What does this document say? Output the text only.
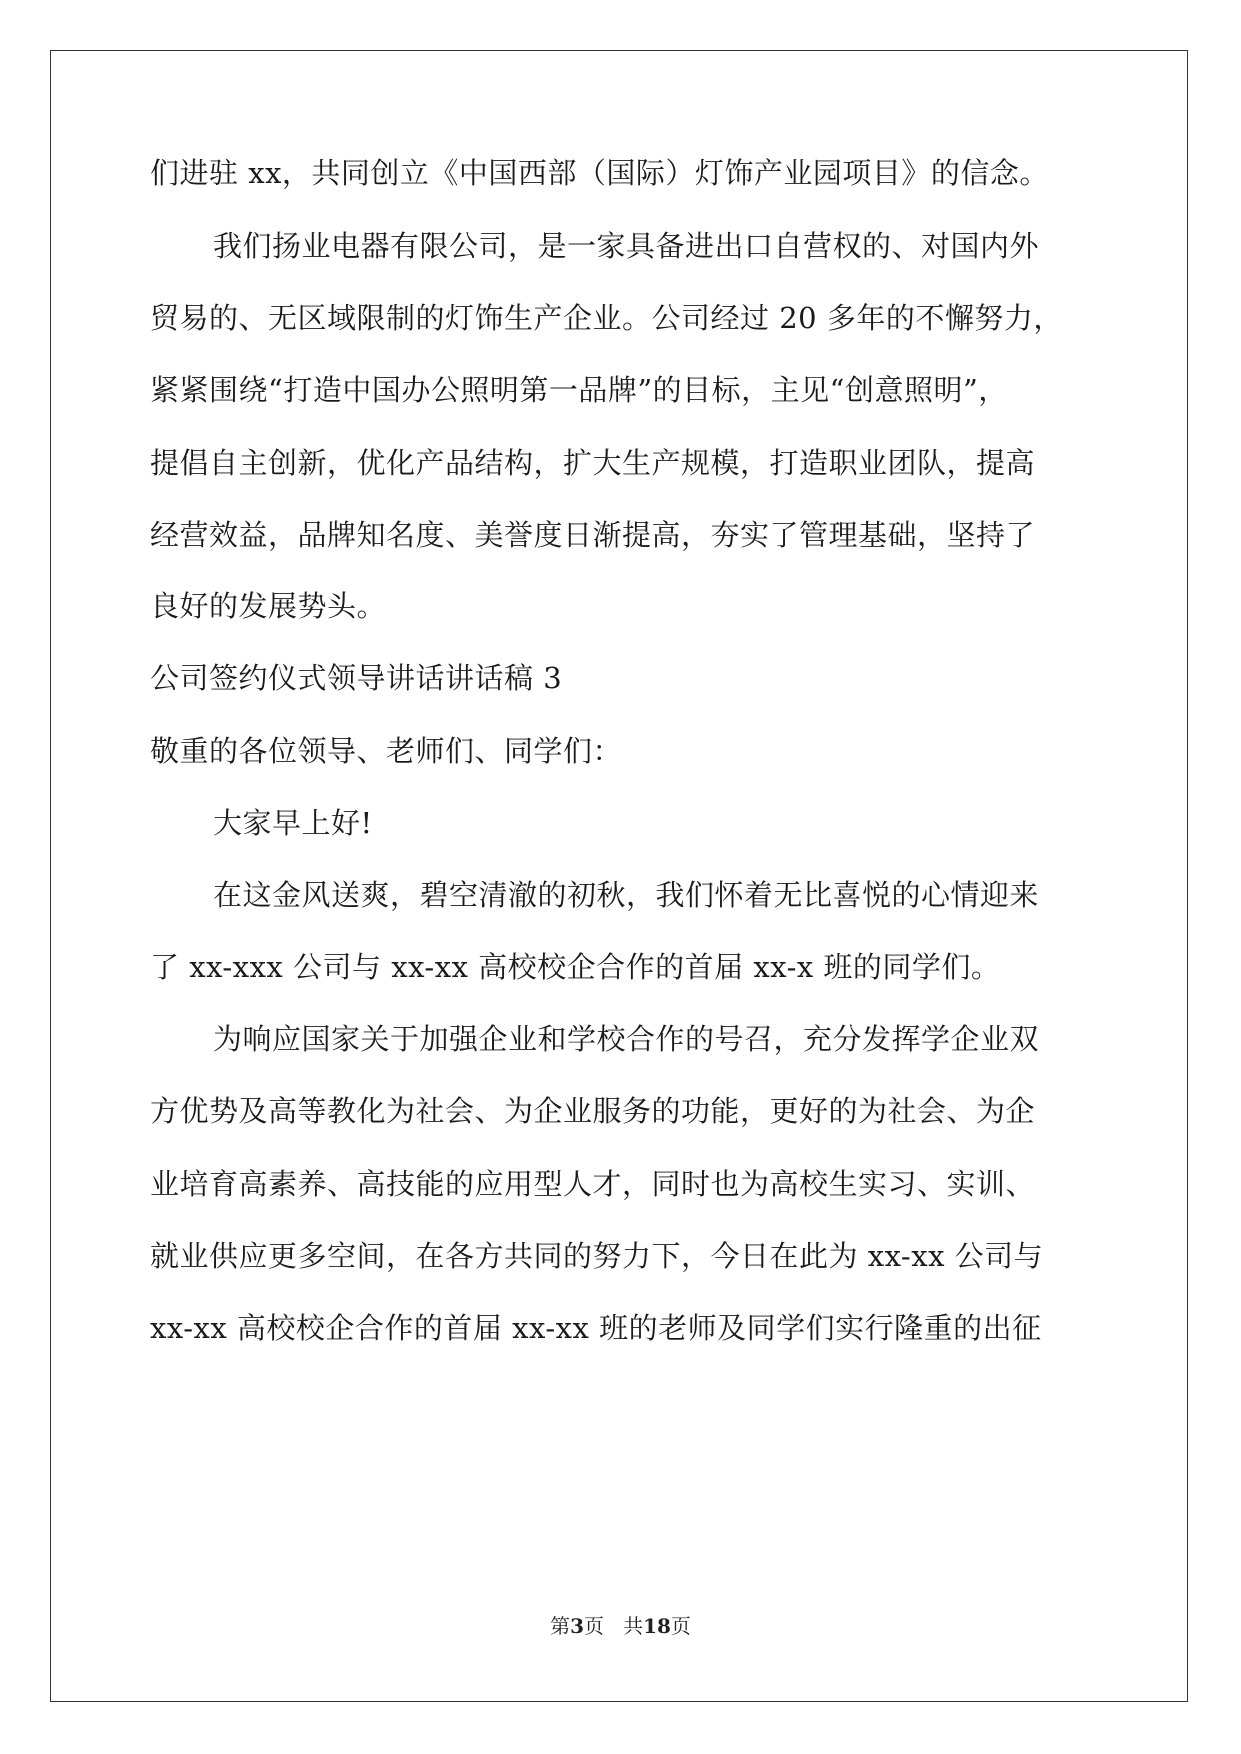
们进驻 xx，共同创立《中国西部（国际）灯饰产业园项目》的信念。
我们扬业电器有限公司，是一家具备进出口自营权的、对国内外
贸易的、无区域限制的灯饰生产企业。公司经过 20 多年的不懈努力，
紧紧围绕“打造中国办公照明第一品牌”的目标，主见“创意照明”，
提倡自主创新，优化产品结构，扩大生产规模，打造职业团队，提高
经营效益，品牌知名度、美誉度日渐提高，夯实了管理基础，坚持了
良好的发展势头。
公司签约仪式领导讲话讲话稿 3
敬重的各位领导、老师们、同学们：
大家早上好!
在这金风送爽，碧空清澈的初秋，我们怀着无比喜悦的心情迎来
了 xx-xxx 公司与 xx-xx 高校校企合作的首届 xx-x 班的同学们。
为响应国家关于加强企业和学校合作的号召，充分发挥学企业双
方优势及高等教化为社会、为企业服务的功能，更好的为社会、为企
业培育高素养、高技能的应用型人才，同时也为高校生实习、实训、
就业供应更多空间，在各方共同的努力下，今日在此为 xx-xx 公司与
xx-xx 高校校企合作的首届 xx-xx 班的老师及同学们实行隆重的出征
第3页 共18页
